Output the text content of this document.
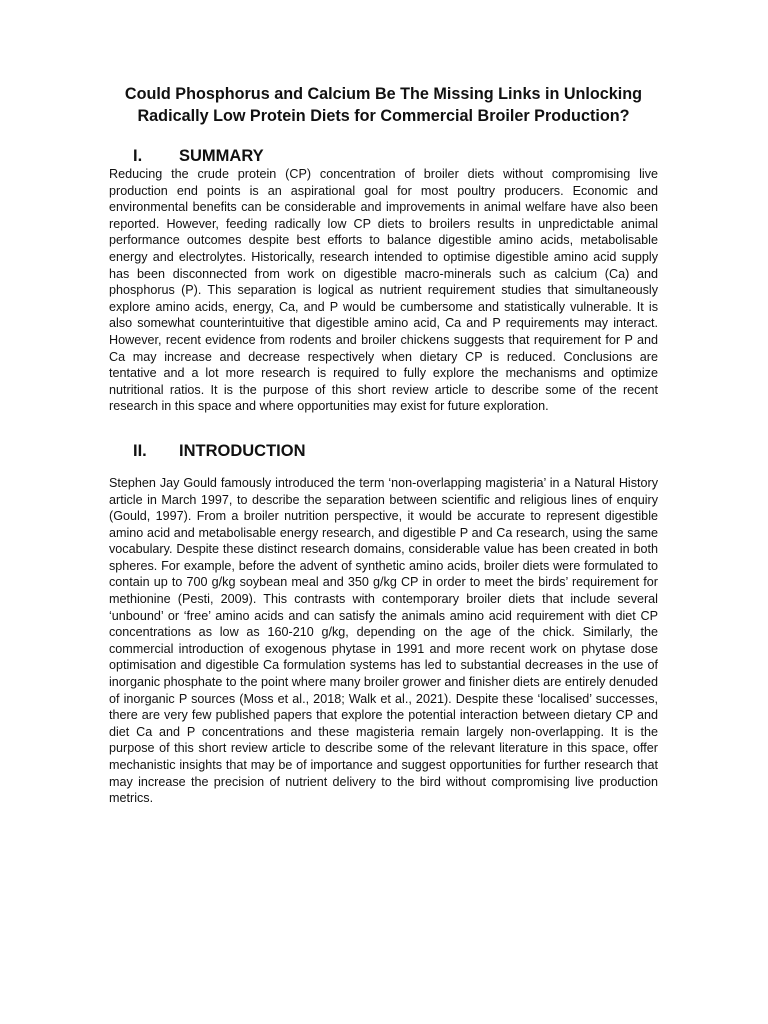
Could Phosphorus and Calcium Be The Missing Links in Unlocking Radically Low Protein Diets for Commercial Broiler Production?
I.	SUMMARY

Reducing the crude protein (CP) concentration of broiler diets without compromising live production end points is an aspirational goal for most poultry producers. Economic and environmental benefits can be considerable and improvements in animal welfare have also been reported. However, feeding radically low CP diets to broilers results in unpredictable animal performance outcomes despite best efforts to balance digestible amino acids, metabolisable energy and electrolytes. Historically, research intended to optimise digestible amino acid supply has been disconnected from work on digestible macro-minerals such as calcium (Ca) and phosphorus (P). This separation is logical as nutrient requirement studies that simultaneously explore amino acids, energy, Ca, and P would be cumbersome and statistically vulnerable. It is also somewhat counterintuitive that digestible amino acid, Ca and P requirements may interact. However, recent evidence from rodents and broiler chickens suggests that requirement for P and Ca may increase and decrease respectively when dietary CP is reduced. Conclusions are tentative and a lot more research is required to fully explore the mechanisms and optimize nutritional ratios. It is the purpose of this short review article to describe some of the recent research in this space and where opportunities may exist for future exploration.

II.	INTRODUCTION

Stephen Jay Gould famously introduced the term ‘non-overlapping magisteria’ in a Natural History article in March 1997, to describe the separation between scientific and religious lines of enquiry (Gould, 1997). From a broiler nutrition perspective, it would be accurate to represent digestible amino acid and metabolisable energy research, and digestible P and Ca research, using the same vocabulary. Despite these distinct research domains, considerable value has been created in both spheres. For example, before the advent of synthetic amino acids, broiler diets were formulated to contain up to 700 g/kg soybean meal and 350 g/kg CP in order to meet the birds’ requirement for methionine (Pesti, 2009). This contrasts with contemporary broiler diets that include several ‘unbound’ or ‘free’ amino acids and can satisfy the animals amino acid requirement with diet CP concentrations as low as 160-210 g/kg, depending on the age of the chick. Similarly, the commercial introduction of exogenous phytase in 1991 and more recent work on phytase dose optimisation and digestible Ca formulation systems has led to substantial decreases in the use of inorganic phosphate to the point where many broiler grower and finisher diets are entirely denuded of inorganic P sources (Moss et al., 2018; Walk et al., 2021). Despite these ‘localised’ successes, there are very few published papers that explore the potential interaction between dietary CP and diet Ca and P concentrations and these magisteria remain largely non-overlapping. It is the purpose of this short review article to describe some of the relevant literature in this space, offer mechanistic insights that may be of importance and suggest opportunities for further research that may increase the precision of nutrient delivery to the bird without compromising live production metrics.
